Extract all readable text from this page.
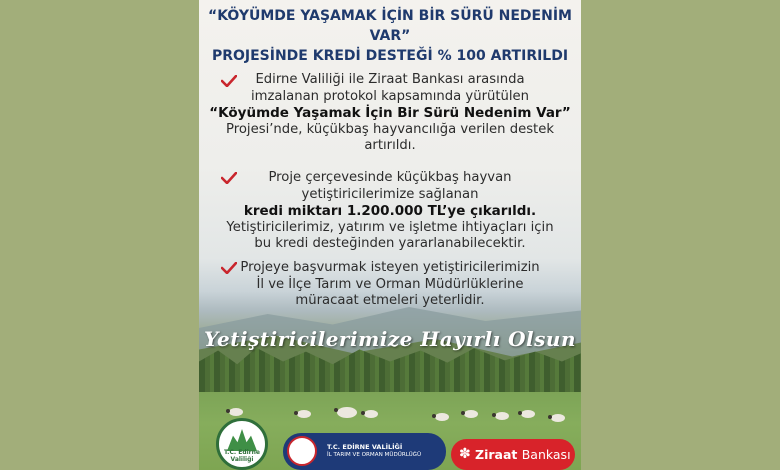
“KÖYÜMDE YAŞAMAK İÇİN BİR SÜRÜ NEDENİM VAR”
PROJESİNDE KREDİ DESTEĞİ % 100 ARTIRILDI
Edirne Valiliği ile Ziraat Bankası arasında
imzalanan protokol kapsamında yürütülen
“Köyümde Yaşamak İçin Bir Sürü Nedenim Var”
Projesi’nde, küçükbaş hayvancılığa verilen destek
artırıldı.
Proje çerçevesinde küçükbaş hayvan
yetiştiricilerimize sağlanan
kredi miktarı 1.200.000 TL’ye çıkarıldı.
Yetiştiricilerimiz, yatırım ve işletme ihtiyaçları için
bu kredi desteğinden yararlanabilecektir.
Projeye başvurmak isteyen yetiştiricilerimizin
İl ve İlçe Tarım ve Orman Müdürlüklerine
müracaat etmeleri yeterlidir.
Yetiştiricilerimize Hayırlı Olsun
T.C. Edirne Valiliği
T.C. EDİRNE VALİLİĞİ
İL TARIM VE ORMAN MÜDÜRLÜĞÜ	✽ Ziraat Bankası
